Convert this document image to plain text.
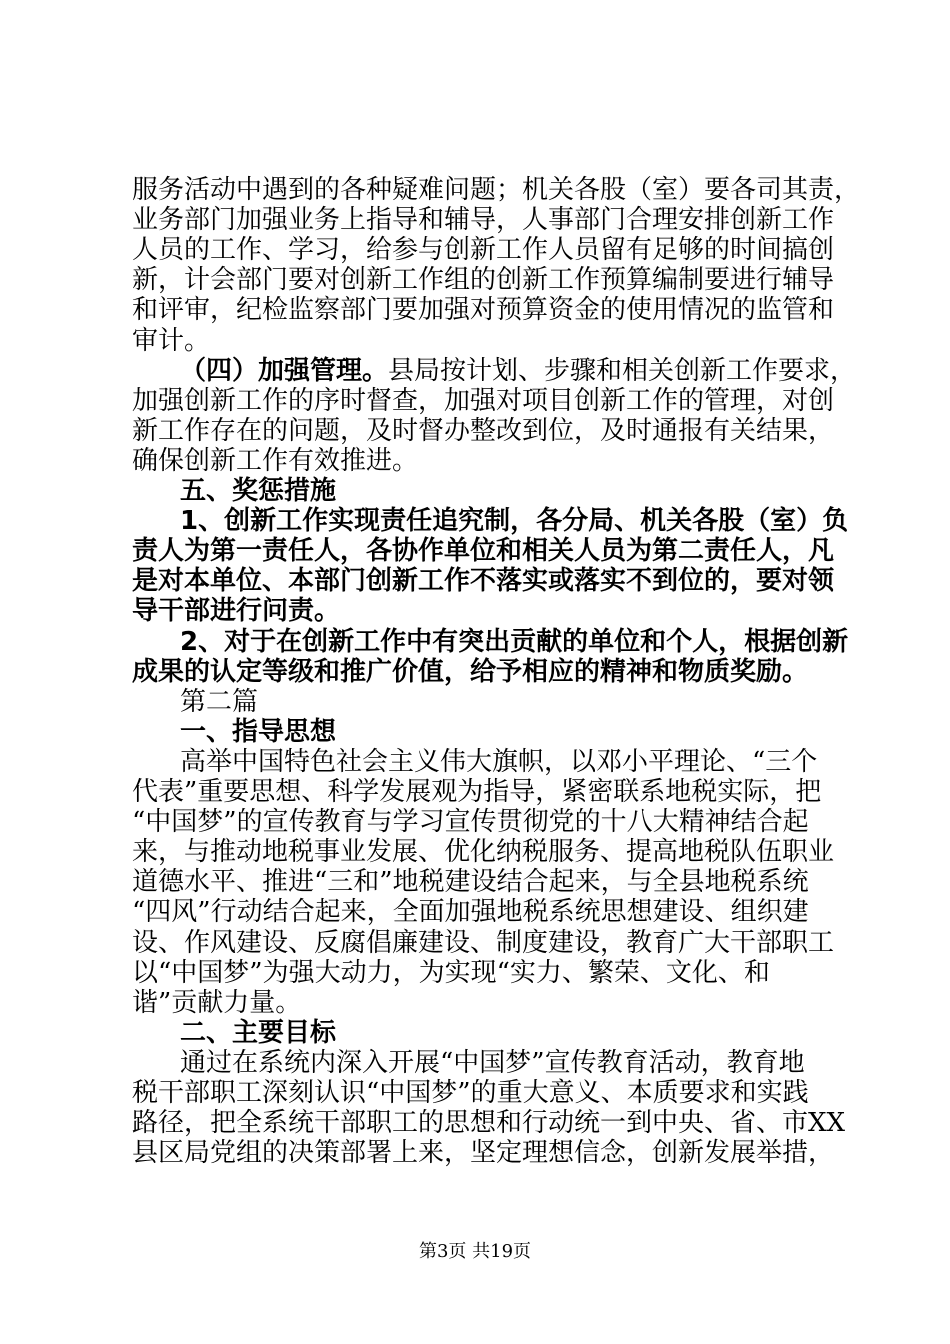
服务活动中遇到的各种疑难问题；机关各股（室）要各司其责，
业务部门加强业务上指导和辅导，人事部门合理安排创新工作
人员的工作、学习，给参与创新工作人员留有足够的时间搞创
新，计会部门要对创新工作组的创新工作预算编制要进行辅导
和评审，纪检监察部门要加强对预算资金的使用情况的监管和
审计。
（四）加强管理。县局按计划、步骤和相关创新工作要求，
加强创新工作的序时督查，加强对项目创新工作的管理，对创
新工作存在的问题，及时督办整改到位，及时通报有关结果，
确保创新工作有效推进。
五、奖惩措施
1、创新工作实现责任追究制，各分局、机关各股（室）负
责人为第一责任人，各协作单位和相关人员为第二责任人，凡
是对本单位、本部门创新工作不落实或落实不到位的，要对领
导干部进行问责。
2、对于在创新工作中有突出贡献的单位和个人，根据创新
成果的认定等级和推广价值，给予相应的精神和物质奖励。
第二篇
一、指导思想
高举中国特色社会主义伟大旗帜，以邓小平理论、“三个
代表”重要思想、科学发展观为指导，紧密联系地税实际，把
“中国梦”的宣传教育与学习宣传贯彻党的十八大精神结合起
来，与推动地税事业发展、优化纳税服务、提高地税队伍职业
道德水平、推进“三和”地税建设结合起来，与全县地税系统
“四风”行动结合起来，全面加强地税系统思想建设、组织建
设、作风建设、反腐倡廉建设、制度建设，教育广大干部职工
以“中国梦”为强大动力，为实现“实力、繁荣、文化、和
谐”贡献力量。
二、主要目标
通过在系统内深入开展“中国梦”宣传教育活动，教育地
税干部职工深刻认识“中国梦”的重大意义、本质要求和实践
路径，把全系统干部职工的思想和行动统一到中央、省、市XX
第3页 共19页
县区局党组的决策部署上来，坚定理想信念，创新发展举措，
